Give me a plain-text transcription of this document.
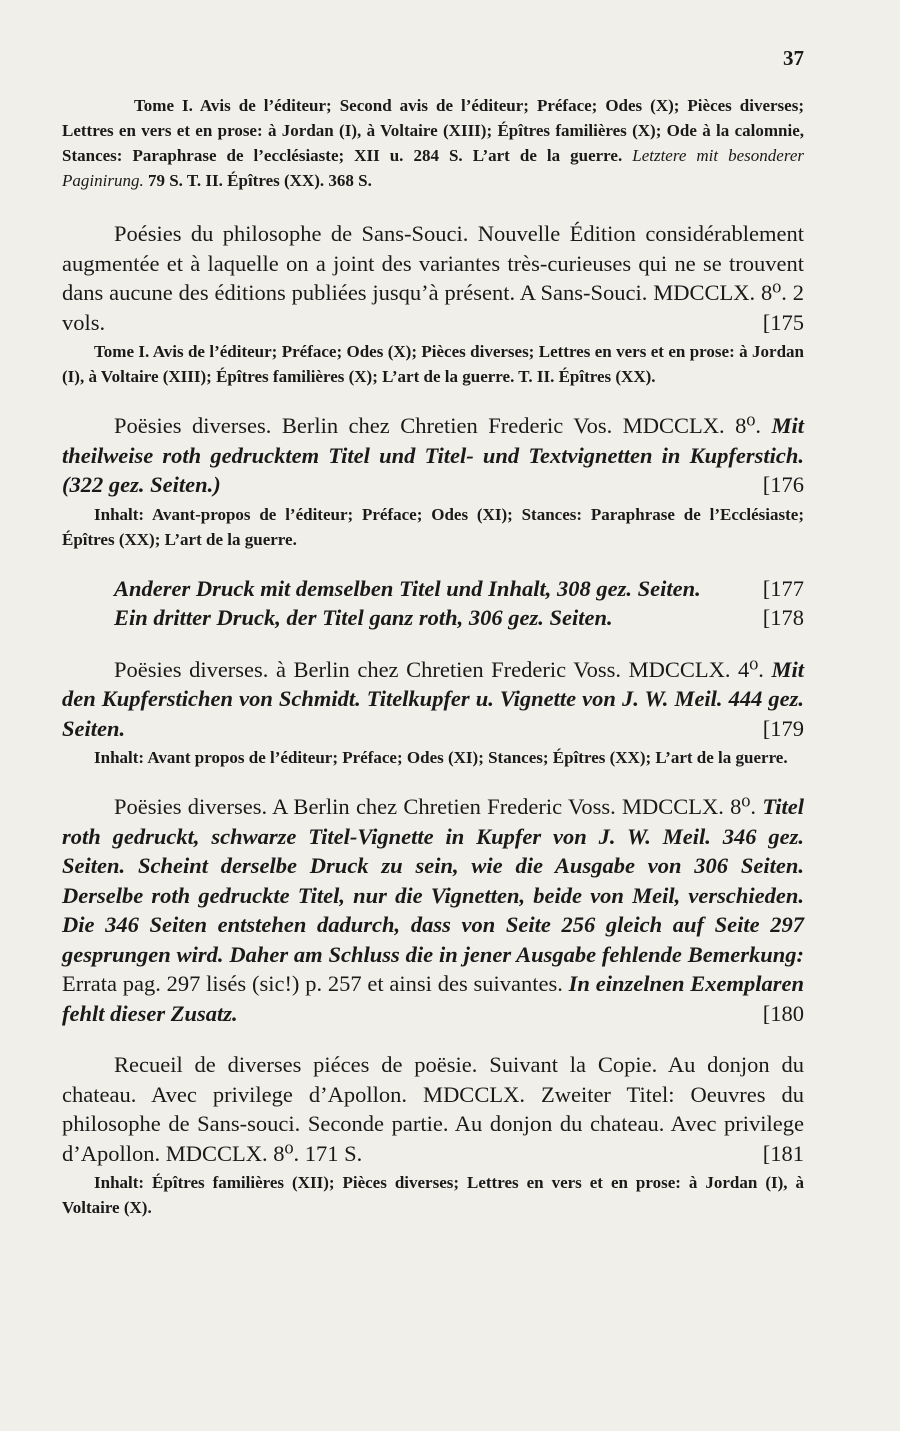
37
Tome I. Avis de l’éditeur; Second avis de l’éditeur; Préface; Odes (X); Pièces diverses; Lettres en vers et en prose: à Jordan (I), à Voltaire (XIII); Épîtres familières (X); Ode à la calomnie, Stances: Paraphrase de l’ecclésiaste; XII u. 284 S. L’art de la guerre. Letztere mit besonderer Paginirung. 79 S. T. II. Épîtres (XX). 368 S.
Poésies du philosophe de Sans-Souci. Nouvelle Édition considérablement augmentée et à laquelle on a joint des variantes très-curieuses qui ne se trouvent dans aucune des éditions publiées jusqu’à présent. A Sans-Souci. MDCCLX. 8⁰. 2 vols.	[175
Tome I. Avis de l’éditeur; Préface; Odes (X); Pièces diverses; Lettres en vers et en prose: à Jordan (I), à Voltaire (XIII); Épîtres familières (X); L’art de la guerre. T. II. Épîtres (XX).
Poësies diverses. Berlin chez Chretien Frederic Vos. MDCCLX. 8⁰. Mit theilweise roth gedrucktem Titel und Titel- und Textvignetten in Kupferstich. (322 gez. Seiten.)	[176
Inhalt: Avant-propos de l’éditeur; Préface; Odes (XI); Stances: Paraphrase de l’Ecclésiaste; Épîtres (XX); L’art de la guerre.
Anderer Druck mit demselben Titel und Inhalt, 308 gez. Seiten.	[177
Ein dritter Druck, der Titel ganz roth, 306 gez. Seiten.	[178
Poësies diverses. à Berlin chez Chretien Frederic Voss. MDCCLX. 4⁰. Mit den Kupferstichen von Schmidt. Titelkupfer u. Vignette von J. W. Meil. 444 gez. Seiten.	[179
Inhalt: Avant propos de l’éditeur; Préface; Odes (XI); Stances; Épîtres (XX); L’art de la guerre.
Poësies diverses. A Berlin chez Chretien Frederic Voss. MDCCLX. 8⁰. Titel roth gedruckt, schwarze Titel-Vignette in Kupfer von J. W. Meil. 346 gez. Seiten. Scheint derselbe Druck zu sein, wie die Ausgabe von 306 Seiten. Derselbe roth gedruckte Titel, nur die Vignetten, beide von Meil, verschieden. Die 346 Seiten entstehen dadurch, dass von Seite 256 gleich auf Seite 297 gesprungen wird. Daher am Schluss die in jener Ausgabe fehlende Bemerkung: Errata pag. 297 lisés (sic!) p. 257 et ainsi des suivantes. In einzelnen Exemplaren fehlt dieser Zusatz.	[180
Recueil de diverses piéces de poësie. Suivant la Copie. Au donjon du chateau. Avec privilege d’Apollon. MDCCLX. Zweiter Titel: Oeuvres du philosophe de Sans-souci. Seconde partie. Au donjon du chateau. Avec privilege d’Apollon. MDCCLX. 8⁰. 171 S.	[181
Inhalt: Épîtres familières (XII); Pièces diverses; Lettres en vers et en prose: à Jordan (I), à Voltaire (X).
